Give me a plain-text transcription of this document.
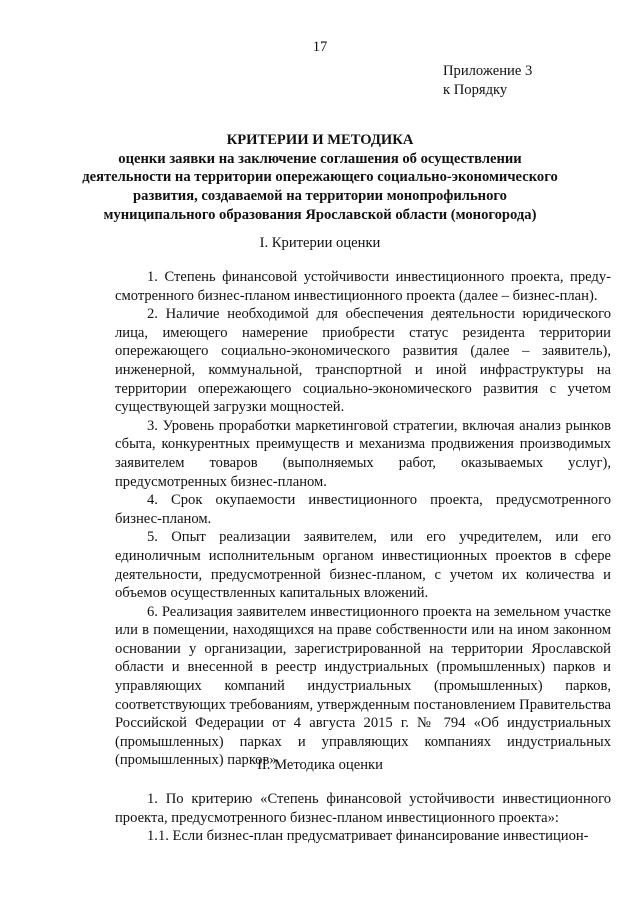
17
Приложение 3
к Порядку
КРИТЕРИИ И МЕТОДИКА
оценки заявки на заключение соглашения об осуществлении
деятельности на территории опережающего социально-экономического
развития, создаваемой на территории монопрофильного
муниципального образования Ярославской области (моногорода)
I. Критерии оценки
1. Степень финансовой устойчивости инвестиционного проекта, преду-смотренного бизнес-планом инвестиционного проекта (далее – бизнес-план).
2. Наличие необходимой для обеспечения деятельности юридического лица, имеющего намерение приобрести статус резидента территории опережающего социально-экономического развития (далее – заявитель), инженерной, коммунальной, транспортной и иной инфраструктуры на территории опережающего социально-экономического развития с учетом существующей загрузки мощностей.
3. Уровень проработки маркетинговой стратегии, включая анализ рынков сбыта, конкурентных преимуществ и механизма продвижения производимых заявителем товаров (выполняемых работ, оказываемых услуг), предусмотренных бизнес-планом.
4. Срок окупаемости инвестиционного проекта, предусмотренного бизнес-планом.
5. Опыт реализации заявителем, или его учредителем, или его единоличным исполнительным органом инвестиционных проектов в сфере деятельности, предусмотренной бизнес-планом, с учетом их количества и объемов осуществленных капитальных вложений.
6. Реализация заявителем инвестиционного проекта на земельном участке или в помещении, находящихся на праве собственности или на ином законном основании у организации, зарегистрированной на территории Ярославской области и внесенной в реестр индустриальных (промышленных) парков и управляющих компаний индустриальных (промышленных) парков, соответствующих требованиям, утвержденным постановлением Правительства Российской Федерации от 4 августа 2015 г. № 794 «Об индустриальных (промышленных) парках и управляющих компаниях индустриальных (промышленных) парков».
II. Методика оценки
1. По критерию «Степень финансовой устойчивости инвестиционного проекта, предусмотренного бизнес-планом инвестиционного проекта»:
1.1. Если бизнес-план предусматривает финансирование инвестицион-
